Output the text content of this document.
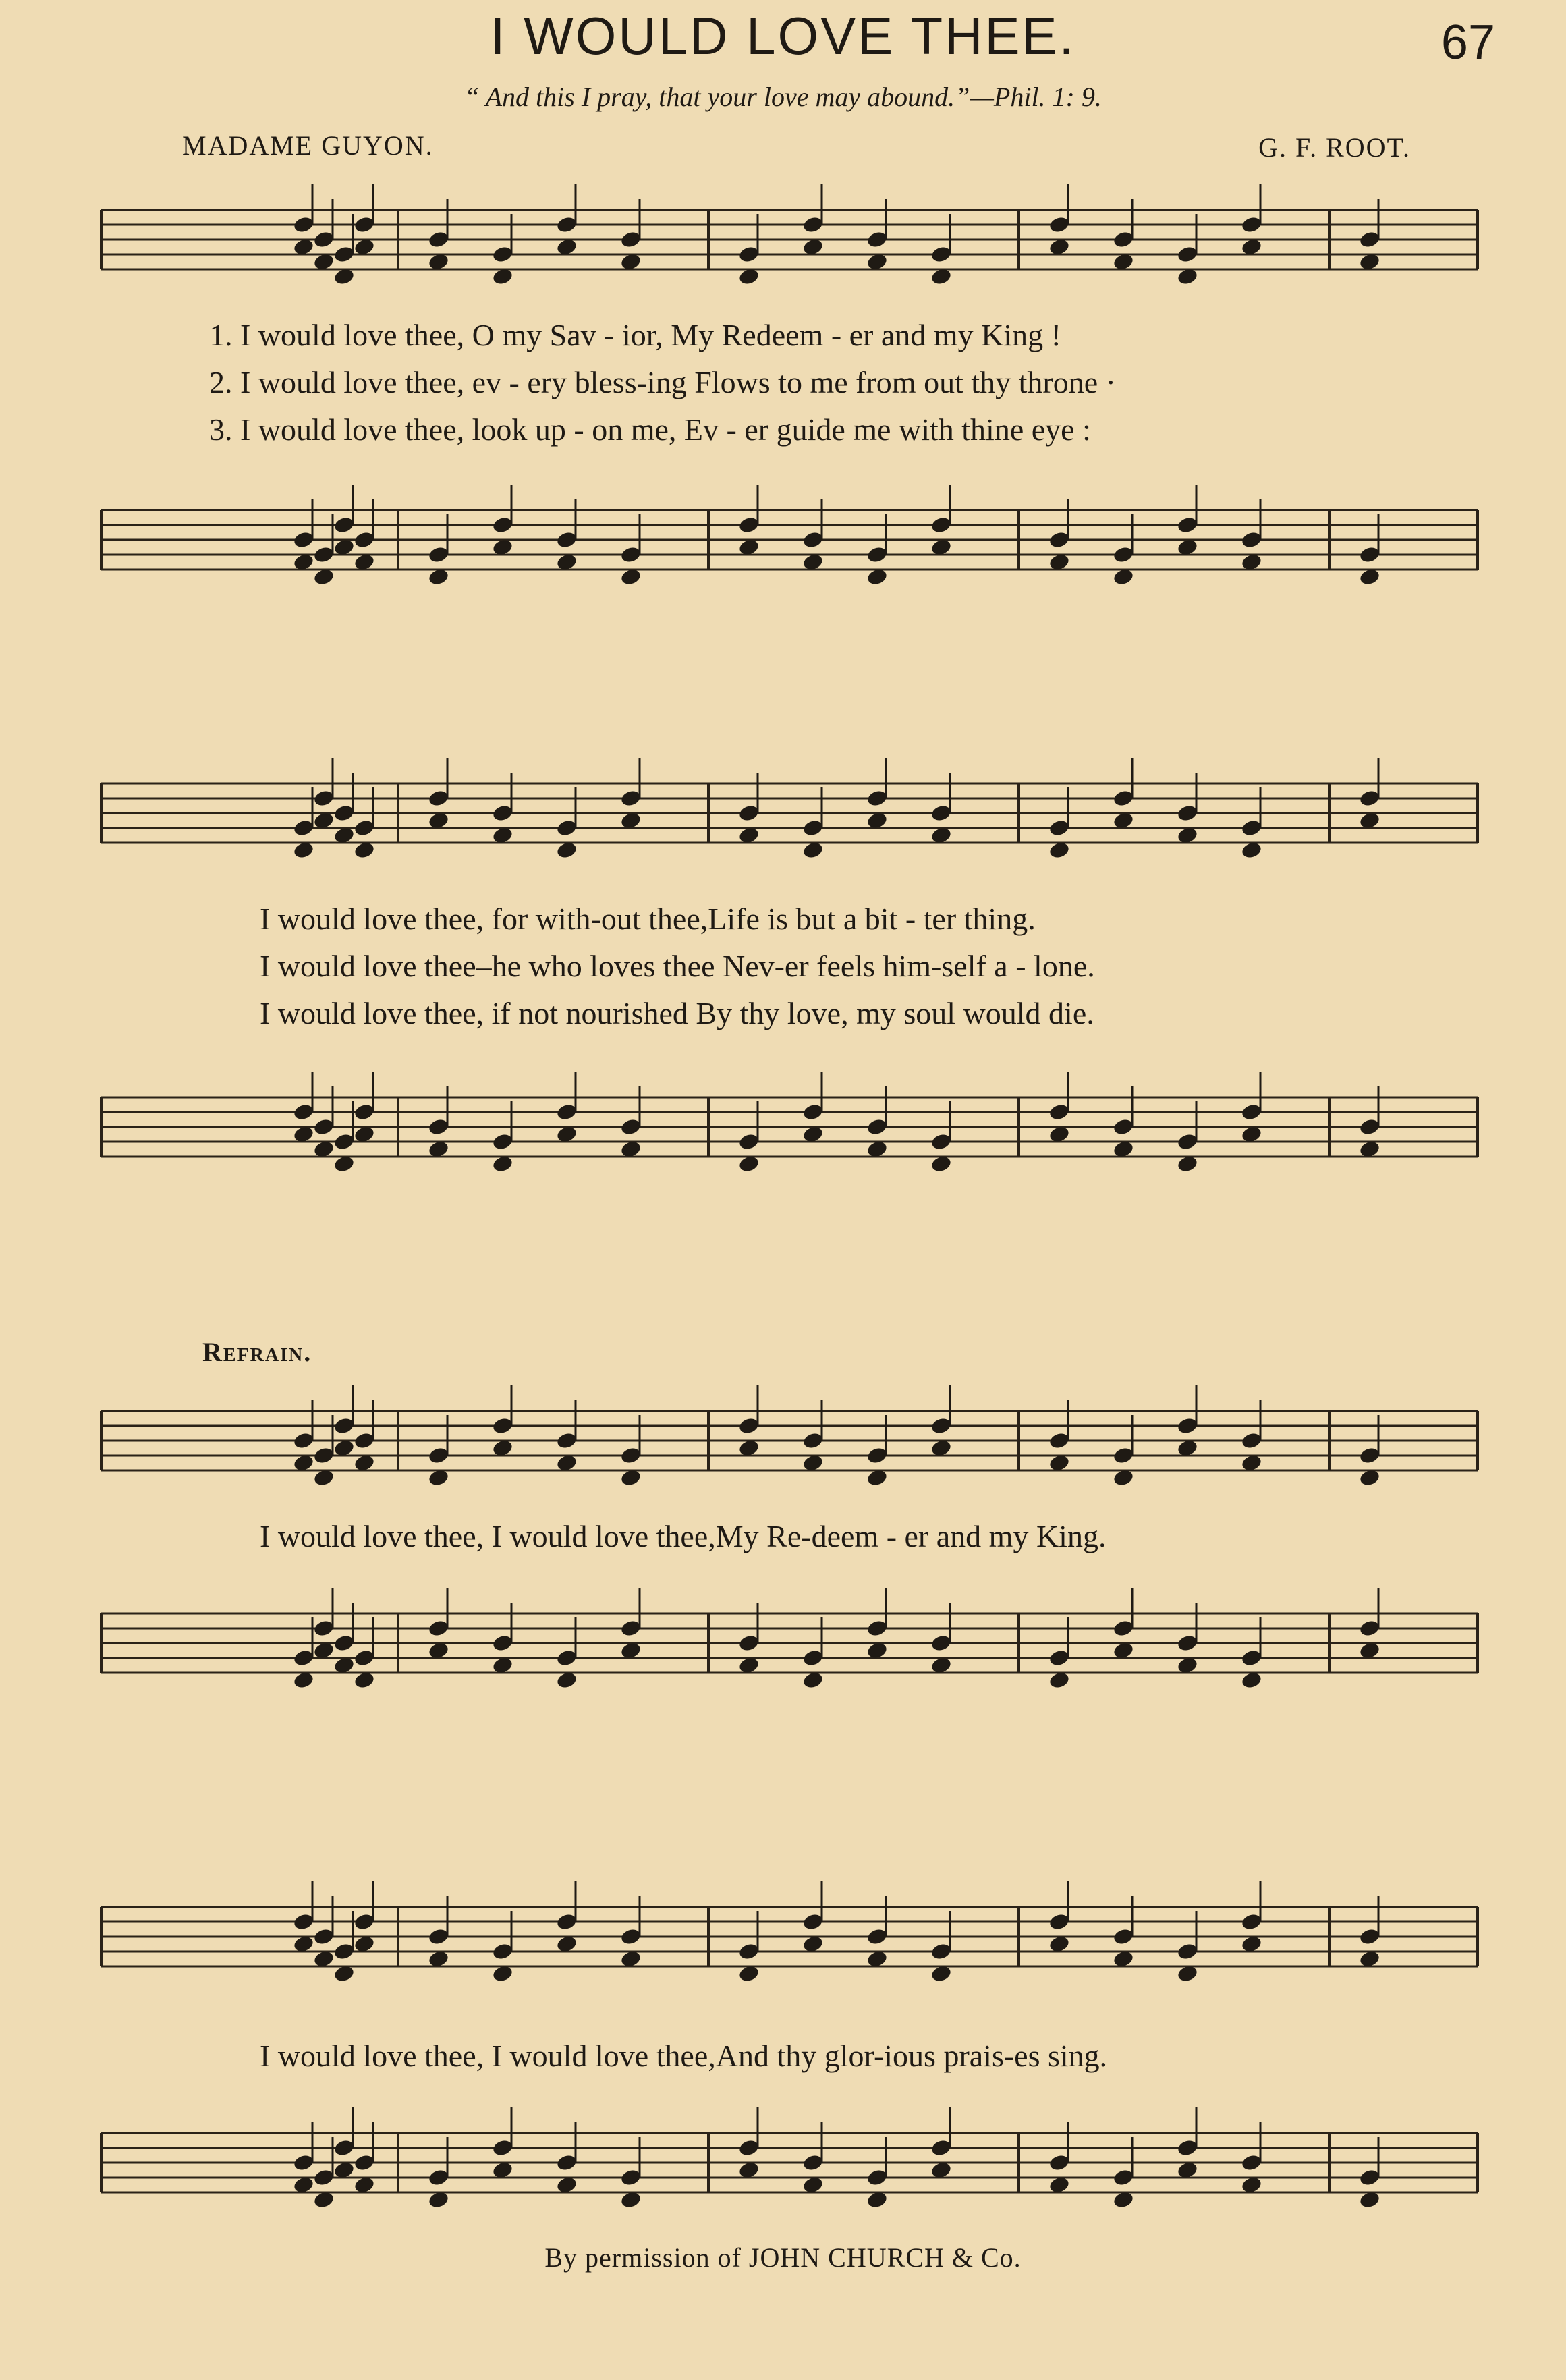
I WOULD LOVE THEE.	67
“ And this I pray, that your love may abound.”—Phil. 1: 9.
MADAME GUYON.	G. F. ROOT.
1. I would love thee, O my Sav - ior, My Redeem - er and my King !
2. I would love thee, ev - ery bless-ing Flows to me from out thy throne ·
3. I would love thee, look up - on me, Ev - er guide me with thine eye :
I would love thee, for with-out thee,Life is but a bit - ter thing.
I would love thee–he who loves thee Nev-er feels him-self a - lone.
I would love thee, if not nourished By thy love, my soul would die.
Refrain.
I would love thee, I would love thee,My Re-deem - er and my King.
I would love thee, I would love thee,And thy glor-ious prais-es sing.
By permission of JOHN CHURCH & Co.
